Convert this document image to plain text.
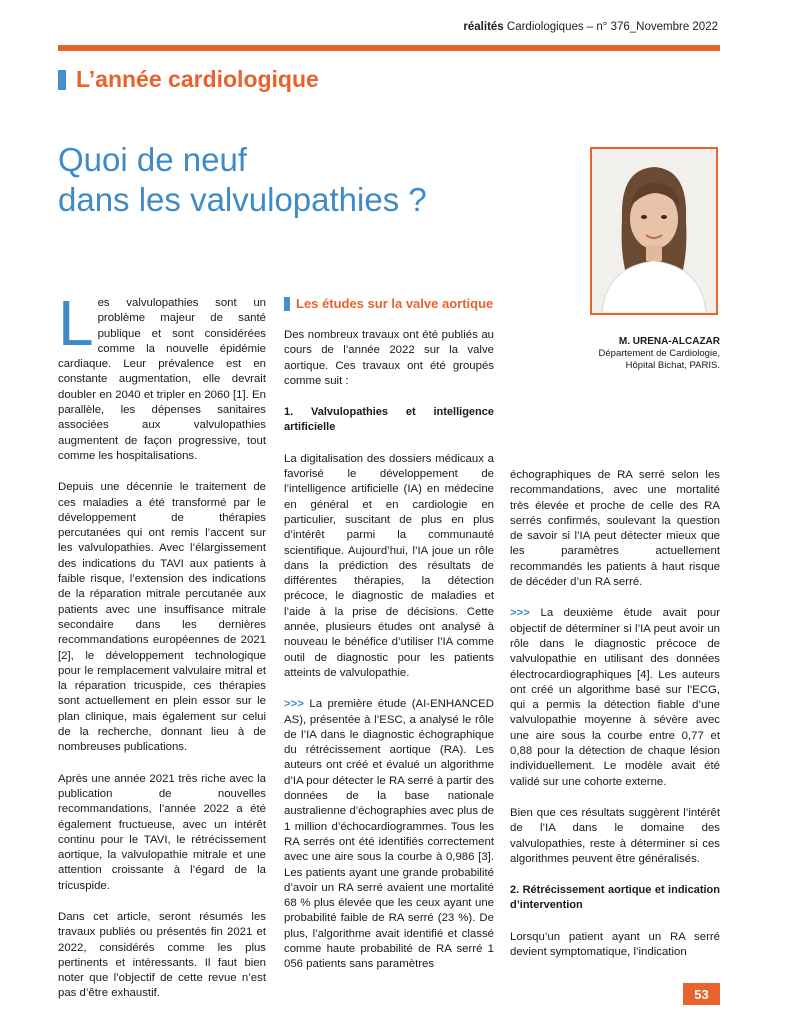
réalités Cardiologiques – n° 376_Novembre 2022
L’année cardiologique
Quoi de neuf
dans les valvulopathies ?
M. URENA-ALCAZAR
Département de Cardiologie,
Hôpital Bichat, PARIS.

Les valvulopathies sont un problème majeur de santé publique et sont considérées comme la nouvelle épidémie cardiaque. Leur prévalence est en constante augmentation, elle devrait doubler en 2040 et tripler en 2060 [1]. En parallèle, les dépenses sanitaires associées aux valvulopathies augmentent de façon progressive, tout comme les hospitalisations.

Depuis une décennie le traitement de ces maladies a été transformé par le développement de thérapies percutanées qui ont remis l’accent sur les valvulopathies. Avec l’élargissement des indications du TAVI aux patients à faible risque, l’extension des indications de la réparation mitrale percutanée aux patients avec une insuffisance mitrale secondaire dans les dernières recommandations européennes de 2021 [2], le développement technologique pour le remplacement valvulaire mitral et la réparation tricuspide, ces thérapies sont actuellement en plein essor sur le plan clinique, mais également sur celui de la recherche, donnant lieu à de nombreuses publications.

Après une année 2021 très riche avec la publication de nouvelles recommandations, l’année 2022 a été également fructueuse, avec un intérêt continu pour le TAVI, le rétrécissement aortique, la valvulopathie mitrale et une attention croissante à l’égard de la tricuspide.

Dans cet article, seront résumés les travaux publiés ou présentés fin 2021 et 2022, considérés comme les plus pertinents et intéressants. Il faut bien noter que l’objectif de cette revue n’est pas d’être exhaustif.

Les études sur la valve aortique

Des nombreux travaux ont été publiés au cours de l’année 2022 sur la valve aortique. Ces travaux ont été groupés comme suit :

1. Valvulopathies et intelligence artificielle

La digitalisation des dossiers médicaux a favorisé le développement de l’intelligence artificielle (IA) en médecine en général et en cardiologie en particulier, suscitant de plus en plus d’intérêt parmi la communauté scientifique. Aujourd’hui, l’IA joue un rôle dans la prédiction des résultats de différentes thérapies, la détection précoce, le diagnostic de maladies et l’aide à la prise de décisions. Cette année, plusieurs études ont analysé à nouveau le bénéfice d’utiliser l’IA comme outil de diagnostic pour les patients atteints de valvulopathie.

>>> La première étude (AI-ENHANCED AS), présentée à l’ESC, a analysé le rôle de l’IA dans le diagnostic échographique du rétrécissement aortique (RA). Les auteurs ont créé et évalué un algorithme d’IA pour détecter le RA serré à partir des données de la base nationale australienne d’échographies avec plus de 1 million d’échocardiogrammes. Tous les RA serrés ont été identifiés correctement avec une aire sous la courbe à 0,986 [3]. Les patients ayant une grande probabilité d’avoir un RA serré avaient une mortalité 68 % plus élevée que les ceux ayant une probabilité faible de RA serré (23 %). De plus, l’algorithme avait identifié et classé comme haute probabilité de RA serré 1 056 patients sans paramètres

échographiques de RA serré selon les recommandations, avec une mortalité très élevée et proche de celle des RA serrés confirmés, soulevant la question de savoir si l’IA peut détecter mieux que les paramètres actuellement recommandés les patients à haut risque de décéder d’un RA serré.

>>> La deuxième étude avait pour objectif de déterminer si l’IA peut avoir un rôle dans le diagnostic précoce de valvulopathie en utilisant des données électrocardiographiques [4]. Les auteurs ont créé un algorithme basé sur l’ECG, qui a permis la détection fiable d’une valvulopathie moyenne à sévère avec une aire sous la courbe entre 0,77 et 0,88 pour la détection de chaque lésion individuellement. Le modèle avait été validé sur une cohorte externe.

Bien que ces résultats suggèrent l’intérêt de l’IA dans le domaine des valvulopathies, reste à déterminer si ces algorithmes peuvent être généralisés.

2. Rétrécissement aortique et indication d’intervention

Lorsqu’un patient ayant un RA serré devient symptomatique, l’indication

53
